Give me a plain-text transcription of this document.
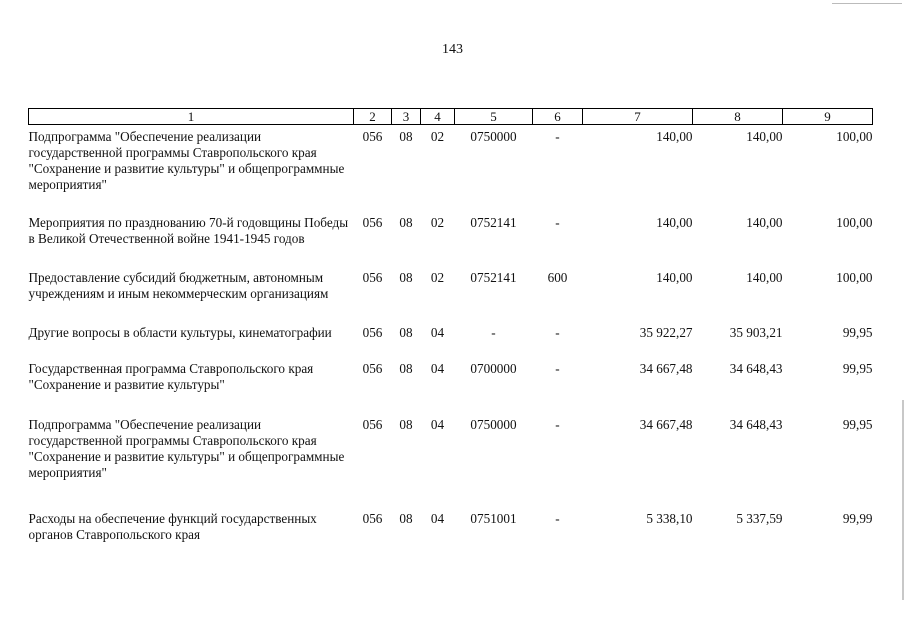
143
1	2	3	4	5	6	7	8	9
Подпрограмма "Обеспечение реализации государственной программы Ставропольского края "Сохранение и развитие культуры" и общепрограммные мероприятия"	056	08	02	0750000	-	140,00	140,00	100,00
Мероприятия по празднованию 70-й годовщины Победы в Великой Отечественной войне 1941-1945 годов	056	08	02	0752141	-	140,00	140,00	100,00
Предоставление субсидий бюджетным, автономным учреждениям и иным некоммерческим организациям	056	08	02	0752141	600	140,00	140,00	100,00
Другие вопросы в области культуры, кинематографии	056	08	04	-	-	35 922,27	35 903,21	99,95
Государственная программа Ставропольского края "Сохранение и развитие культуры"	056	08	04	0700000	-	34 667,48	34 648,43	99,95
Подпрограмма "Обеспечение реализации государственной программы Ставропольского края "Сохранение и развитие культуры" и общепрограммные мероприятия"	056	08	04	0750000	-	34 667,48	34 648,43	99,95
Расходы на обеспечение функций государственных органов Ставропольского края	056	08	04	0751001	-	5 338,10	5 337,59	99,99
